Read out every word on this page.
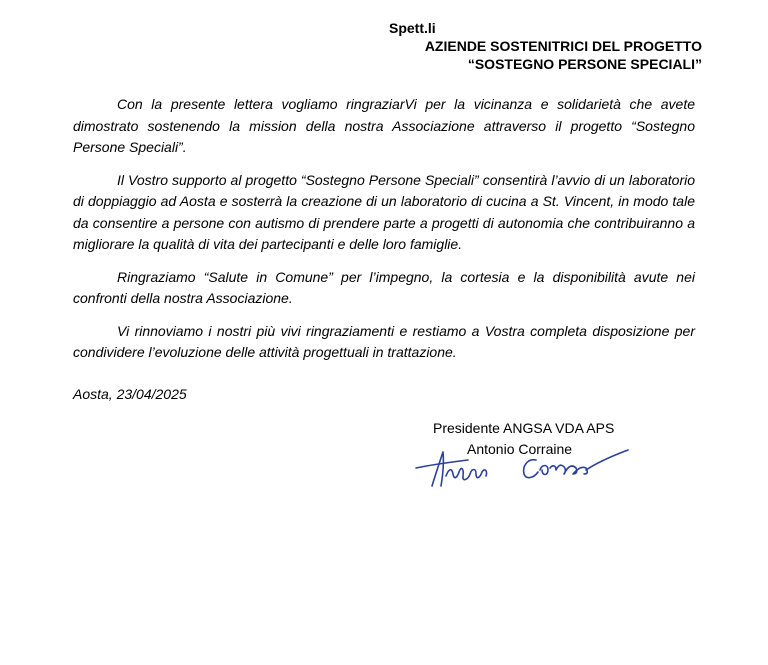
Spett.li
AZIENDE SOSTENITRICI DEL PROGETTO
“SOSTEGNO PERSONE SPECIALI”

Con la presente lettera vogliamo ringraziarVi per la vicinanza e solidarietà che avete dimostrato sostenendo la mission della nostra Associazione attraverso il progetto “Sostegno Persone Speciali”.

Il Vostro supporto al progetto “Sostegno Persone Speciali” consentirà l’avvio di un laboratorio di doppiaggio ad Aosta e sosterrà la creazione di un laboratorio di cucina a St. Vincent, in modo tale da consentire a persone con autismo di prendere parte a progetti di autonomia che contribuiranno a migliorare la qualità di vita dei partecipanti e delle loro famiglie.

Ringraziamo “Salute in Comune” per l’impegno, la cortesia e la disponibilità avute nei confronti della nostra Associazione.

Vi rinnoviamo i nostri più vivi ringraziamenti e restiamo a Vostra completa disposizione per condividere l’evoluzione delle attività progettuali in trattazione.

Aosta, 23/04/2025
Presidente ANGSA VDA APS
Antonio Corraine
